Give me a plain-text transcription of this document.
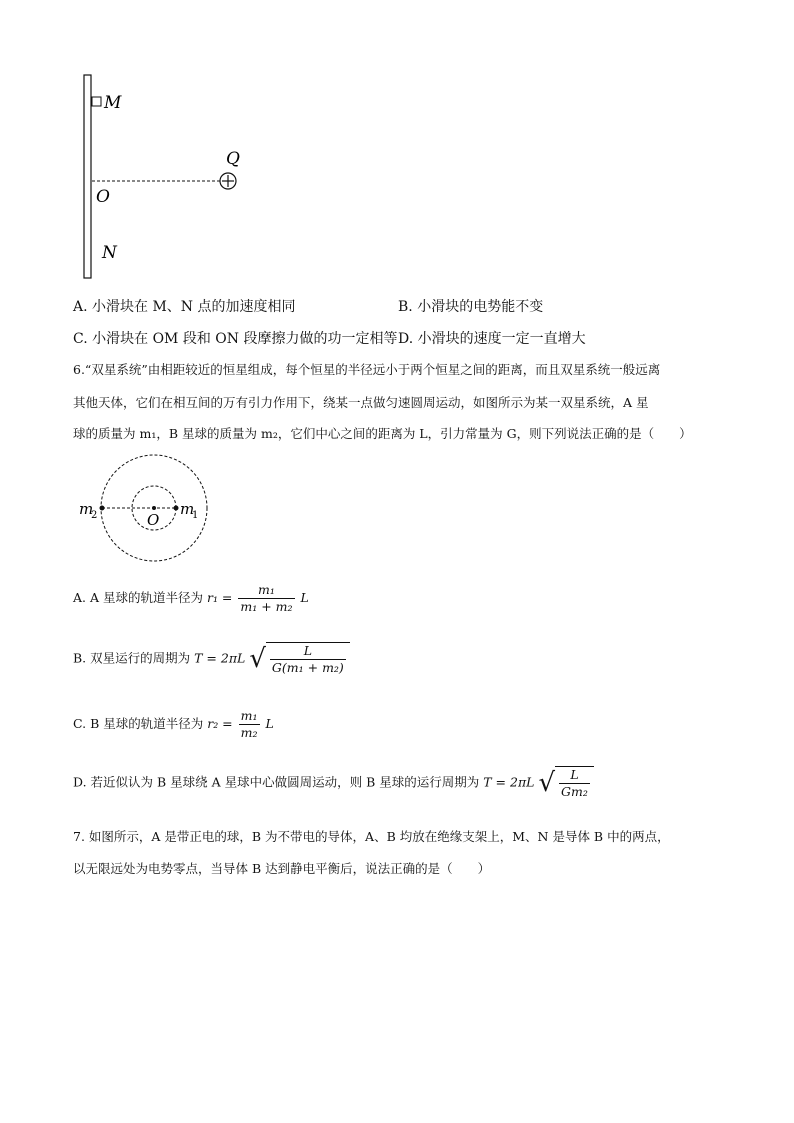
M
Q
O
N
A. 小滑块在 M、N 点的加速度相同	B. 小滑块的电势能不变
C. 小滑块在 OM 段和 ON 段摩擦力做的功一定相等 D. 小滑块的速度一定一直增大
6.“双星系统”由相距较近的恒星组成，每个恒星的半径远小于两个恒星之间的距离，而且双星系统一般远离
其他天体，它们在相互间的万有引力作用下，绕某一点做匀速圆周运动，如图所示为某一双星系统，A 星
球的质量为 m₁，B 星球的质量为 m₂，它们中心之间的距离为 L，引力常量为 G，则下列说法正确的是（　　）
m
2	O
m
1
A. A 星球的轨道半径为 $r_1 = \frac{\text{m₁}}{\text{m₁ + m₂}}$ L
B. 双星运行的周期为 T = 2πL √ $\frac{L}{\text{G(m₁ + m₂)}}$
C. B 星球的轨道半径为 $r_2 = \frac{\text{m₁}}{\text{m₂}}$ L
D. 若近似认为 B 星球绕 A 星球中心做圆周运动，则 B 星球的运行周期为 T = 2πL √ $\frac{L}{\text{Gm₂}}$
7. 如图所示，A 是带正电的球，B 为不带电的导体，A、B 均放在绝缘支架上，M、N 是导体 B 中的两点，
以无限远处为电势零点，当导体 B 达到静电平衡后，说法正确的是（　　）
